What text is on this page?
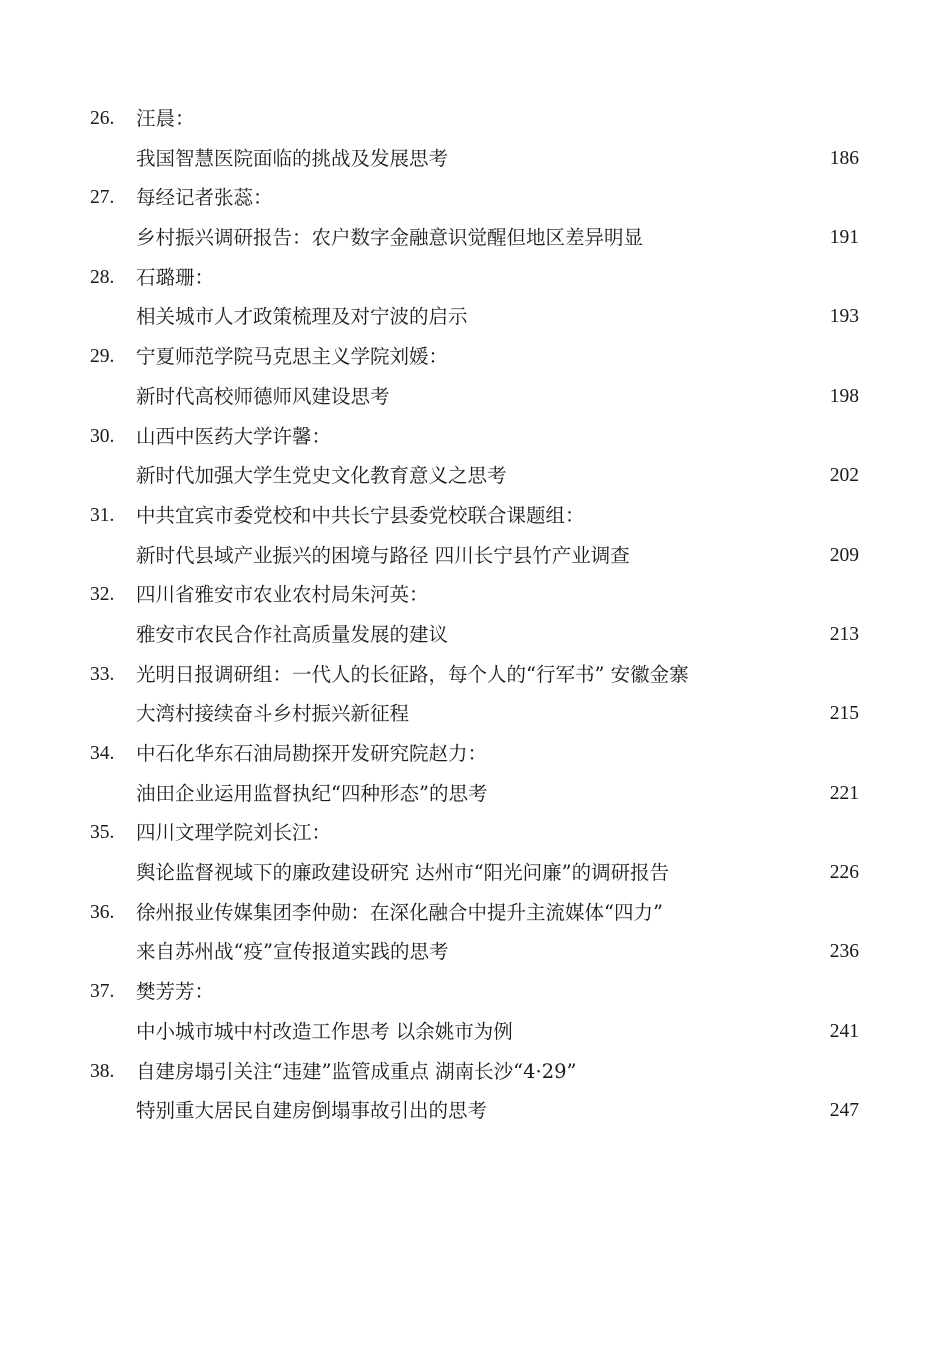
26. 汪晨：
我国智慧医院面临的挑战及发展思考	186
27. 每经记者张蕊：
乡村振兴调研报告：农户数字金融意识觉醒但地区差异明显	191
28. 石璐珊：
相关城市人才政策梳理及对宁波的启示	193
29. 宁夏师范学院马克思主义学院刘媛：
新时代高校师德师风建设思考	198
30. 山西中医药大学许馨：
新时代加强大学生党史文化教育意义之思考	202
31. 中共宜宾市委党校和中共长宁县委党校联合课题组：
新时代县域产业振兴的困境与路径 四川长宁县竹产业调查	209
32. 四川省雅安市农业农村局朱河英：
雅安市农民合作社高质量发展的建议	213
33. 光明日报调研组：一代人的长征路，每个人的“行军书” 安徽金寨
大湾村接续奋斗乡村振兴新征程	215
34. 中石化华东石油局勘探开发研究院赵力：
油田企业运用监督执纪“四种形态”的思考	221
35. 四川文理学院刘长江：
舆论监督视域下的廉政建设研究 达州市“阳光问廉”的调研报告	226
36. 徐州报业传媒集团李仲勋：在深化融合中提升主流媒体“四力”
来自苏州战“疫”宣传报道实践的思考	236
37. 樊芳芳：
中小城市城中村改造工作思考 以余姚市为例	241
38. 自建房塌引关注“违建”监管成重点 湖南长沙“4·29”
特别重大居民自建房倒塌事故引出的思考	247
